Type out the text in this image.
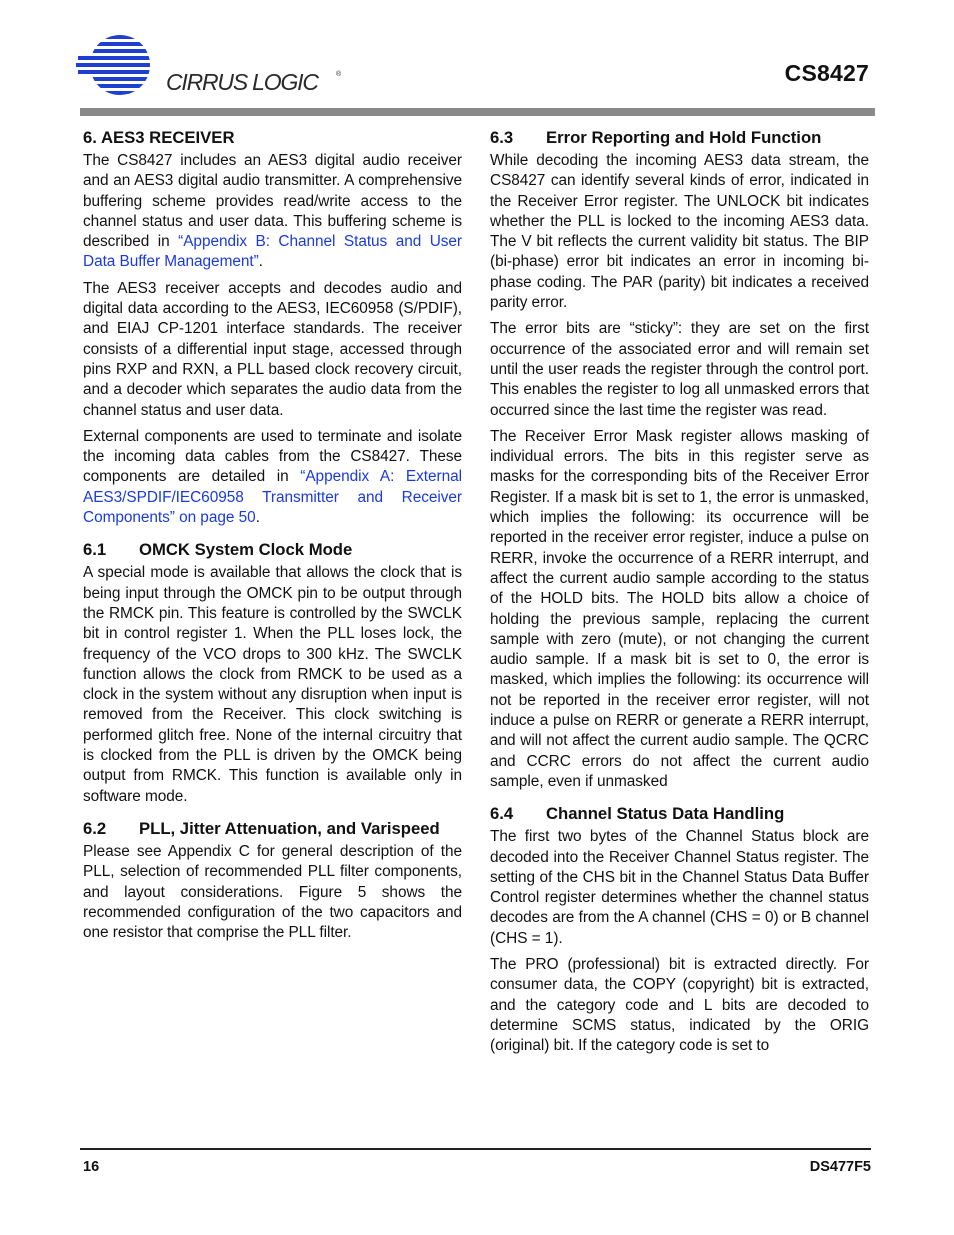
CIRRUS LOGIC	®	CS8427
6. AES3 RECEIVER

The CS8427 includes an AES3 digital audio receiver and an AES3 digital audio transmitter. A comprehensive buffering scheme provides read/write access to the channel status and user data. This buffering scheme is described in “Appendix B: Channel Status and User Data Buffer Management”.

The AES3 receiver accepts and decodes audio and digital data according to the AES3, IEC60958 (S/PDIF), and EIAJ CP-1201 interface standards. The receiver consists of a differential input stage, accessed through pins RXP and RXN, a PLL based clock recovery circuit, and a decoder which separates the audio data from the channel status and user data.

External components are used to terminate and isolate the incoming data cables from the CS8427. These components are detailed in “Appendix A: External AES3/SPDIF/IEC60958 Transmitter and Receiver Components” on page 50.

6.1	OMCK System Clock Mode

A special mode is available that allows the clock that is being input through the OMCK pin to be output through the RMCK pin. This feature is controlled by the SWCLK bit in control register 1. When the PLL loses lock, the frequency of the VCO drops to 300 kHz. The SWCLK function allows the clock from RMCK to be used as a clock in the system without any disruption when input is removed from the Receiver. This clock switching is performed glitch free. None of the internal circuitry that is clocked from the PLL is driven by the OMCK being output from RMCK. This function is available only in software mode.

6.2	PLL, Jitter Attenuation, and Varispeed

Please see Appendix C for general description of the PLL, selection of recommended PLL filter components, and layout considerations. Figure 5 shows the recommended configuration of the two capacitors and one resistor that comprise the PLL filter.

6.3	Error Reporting and Hold Function

While decoding the incoming AES3 data stream, the CS8427 can identify several kinds of error, indicated in the Receiver Error register. The UNLOCK bit indicates whether the PLL is locked to the incoming AES3 data. The V bit reflects the current validity bit status. The BIP (bi-phase) error bit indicates an error in incoming bi-phase coding. The PAR (parity) bit indicates a received parity error.

The error bits are “sticky”: they are set on the first occurrence of the associated error and will remain set until the user reads the register through the control port. This enables the register to log all unmasked errors that occurred since the last time the register was read.

The Receiver Error Mask register allows masking of individual errors. The bits in this register serve as masks for the corresponding bits of the Receiver Error Register. If a mask bit is set to 1, the error is unmasked, which implies the following: its occurrence will be reported in the receiver error register, induce a pulse on RERR, invoke the occurrence of a RERR interrupt, and affect the current audio sample according to the status of the HOLD bits. The HOLD bits allow a choice of holding the previous sample, replacing the current sample with zero (mute), or not changing the current audio sample. If a mask bit is set to 0, the error is masked, which implies the following: its occurrence will not be reported in the receiver error register, will not induce a pulse on RERR or generate a RERR interrupt, and will not affect the current audio sample. The QCRC and CCRC errors do not affect the current audio sample, even if unmasked

6.4	Channel Status Data Handling

The first two bytes of the Channel Status block are decoded into the Receiver Channel Status register. The setting of the CHS bit in the Channel Status Data Buffer Control register determines whether the channel status decodes are from the A channel (CHS = 0) or B channel (CHS = 1).

The PRO (professional) bit is extracted directly. For consumer data, the COPY (copyright) bit is extracted, and the category code and L bits are decoded to determine SCMS status, indicated by the ORIG (original) bit. If the category code is set to

16	DS477F5
